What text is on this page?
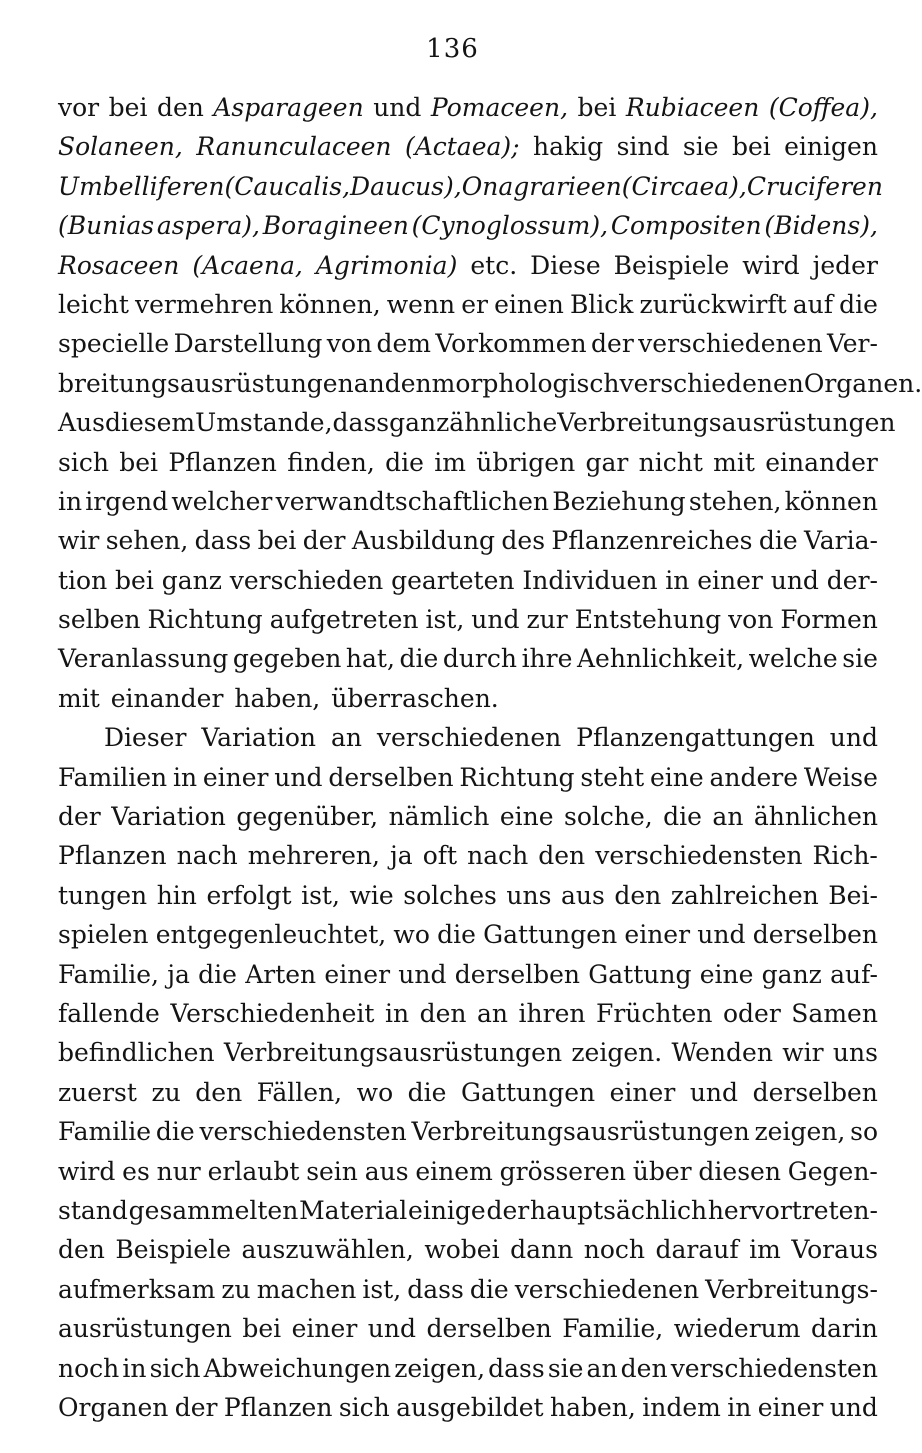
136
vor bei den Asparageen und Pomaceen, bei Rubiaceen (Coffea),
Solaneen, Ranunculaceen (Actaea); hakig sind sie bei einigen
Umbelliferen (Caucalis, Daucus), Onagrarieen (Circaea), Cruciferen
(Bunias aspera), Boragineen (Cynoglossum), Compositen (Bidens),
Rosaceen (Acaena, Agrimonia) etc. Diese Beispiele wird jeder
leicht vermehren können, wenn er einen Blick zurückwirft auf die
specielle Darstellung von dem Vorkommen der verschiedenen Ver-
breitungsausrüstungen an den morphologisch verschiedenen Organen.
Aus diesem Umstande, dass ganz ähnliche Verbreitungsausrüstungen
sich bei Pflanzen finden, die im übrigen gar nicht mit einander
in irgend welcher verwandtschaftlichen Beziehung stehen, können
wir sehen, dass bei der Ausbildung des Pflanzenreiches die Varia-
tion bei ganz verschieden gearteten Individuen in einer und der-
selben Richtung aufgetreten ist, und zur Entstehung von Formen
Veranlassung gegeben hat, die durch ihre Aehnlichkeit, welche sie
mit einander haben, überraschen.
Dieser Variation an verschiedenen Pflanzengattungen und
Familien in einer und derselben Richtung steht eine andere Weise
der Variation gegenüber, nämlich eine solche, die an ähnlichen
Pflanzen nach mehreren, ja oft nach den verschiedensten Rich-
tungen hin erfolgt ist, wie solches uns aus den zahlreichen Bei-
spielen entgegenleuchtet, wo die Gattungen einer und derselben
Familie, ja die Arten einer und derselben Gattung eine ganz auf-
fallende Verschiedenheit in den an ihren Früchten oder Samen
befindlichen Verbreitungsausrüstungen zeigen. Wenden wir uns
zuerst zu den Fällen, wo die Gattungen einer und derselben
Familie die verschiedensten Verbreitungsausrüstungen zeigen, so
wird es nur erlaubt sein aus einem grösseren über diesen Gegen-
stand gesammelten Material einige der hauptsächlich hervortreten-
den Beispiele auszuwählen, wobei dann noch darauf im Voraus
aufmerksam zu machen ist, dass die verschiedenen Verbreitungs-
ausrüstungen bei einer und derselben Familie, wiederum darin
noch in sich Abweichungen zeigen, dass sie an den verschiedensten
Organen der Pflanzen sich ausgebildet haben, indem in einer und
